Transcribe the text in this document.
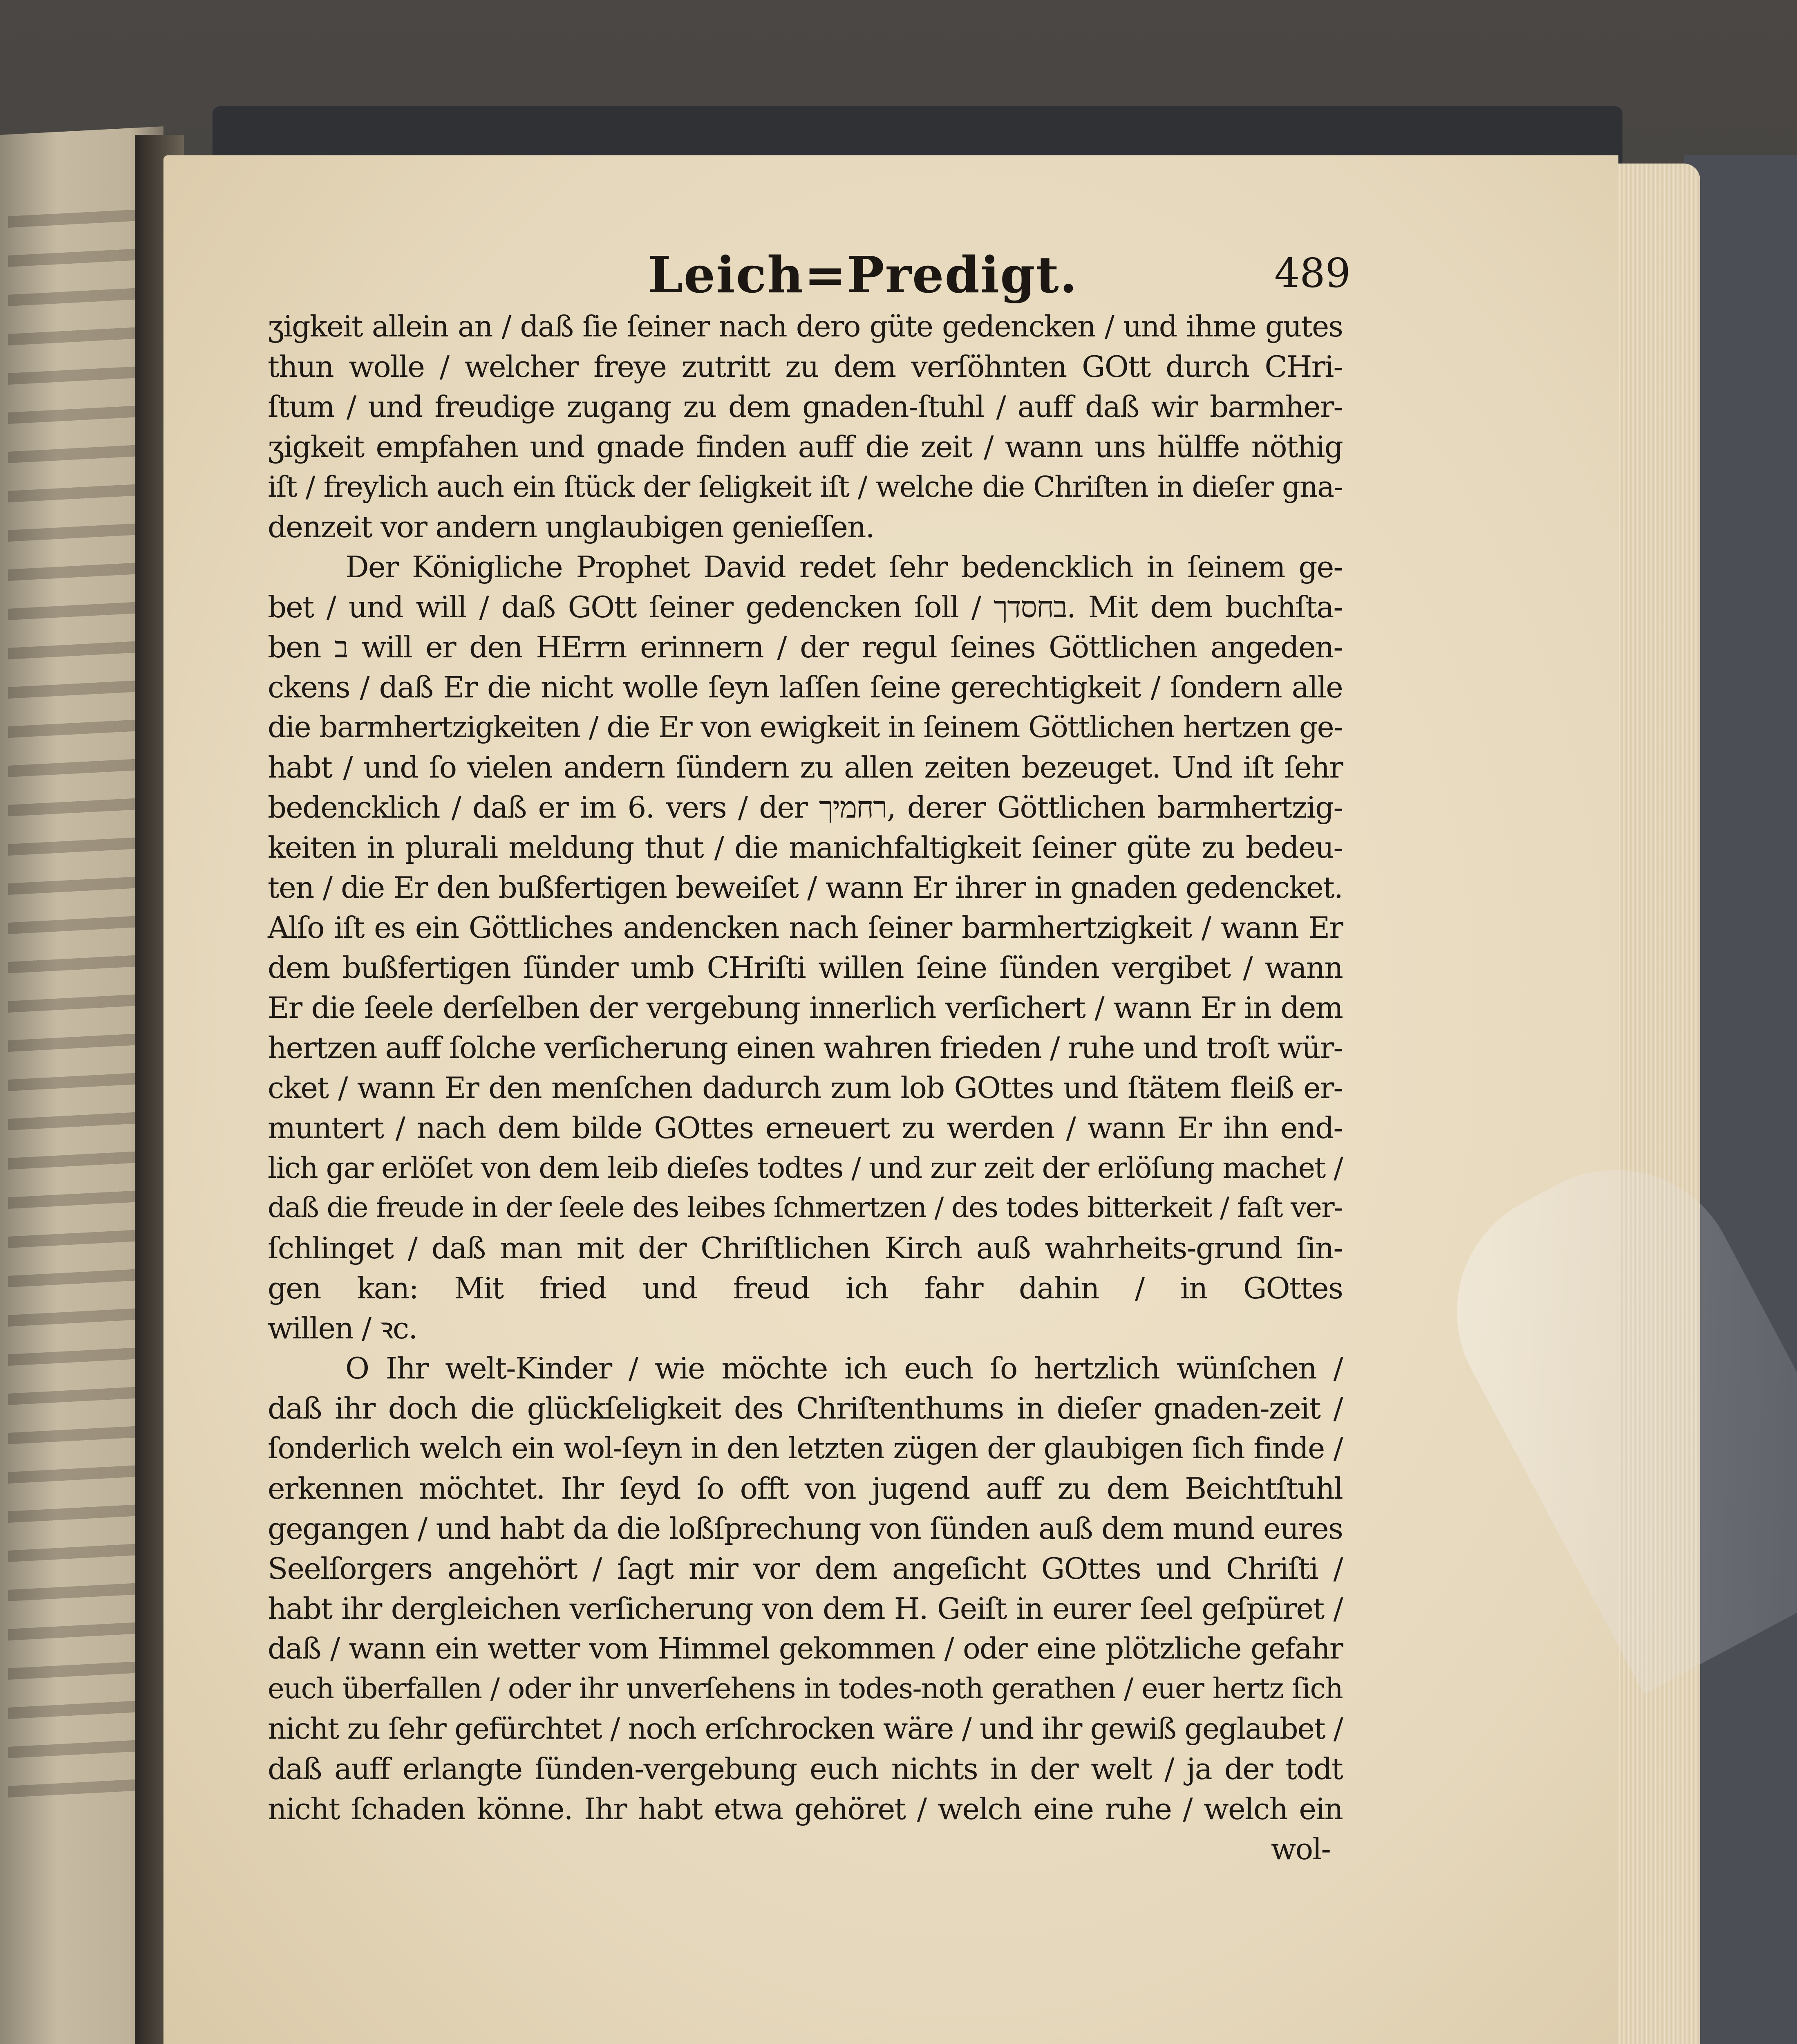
Leich=Predigt.	489
ʒigkeit allein an / daß ſie ſeiner nach dero güte gedencken / und ihme gutes
thun wolle / welcher freye zutritt zu dem verſöhnten GOtt durch CHri-
ſtum / und freudige zugang zu dem gnaden-ſtuhl / auff daß wir barmher-
ʒigkeit empfahen und gnade finden auff die zeit / wann uns hülffe nöthig
iſt / freylich auch ein ſtück der ſeligkeit iſt / welche die Chriſten in dieſer gna-
denzeit vor andern unglaubigen genieſſen.
Der Königliche Prophet David redet ſehr bedencklich in ſeinem ge-
bet / und will / daß GOtt ſeiner gedencken ſoll / בחסדך. Mit dem buchſta-
ben ב will er den HErrn erinnern / der regul ſeines Göttlichen angeden-
ckens / daß Er die nicht wolle ſeyn laſſen ſeine gerechtigkeit / ſondern alle
die barmhertzigkeiten / die Er von ewigkeit in ſeinem Göttlichen hertzen ge-
habt / und ſo vielen andern ſündern zu allen zeiten bezeuget. Und iſt ſehr
bedencklich / daß er im 6. vers / der רחמיך, derer Göttlichen barmhertzig-
keiten in plurali meldung thut / die manichfaltigkeit ſeiner güte zu bedeu-
ten / die Er den bußfertigen beweiſet / wann Er ihrer in gnaden gedencket.
Alſo iſt es ein Göttliches andencken nach ſeiner barmhertzigkeit / wann Er
dem bußfertigen ſünder umb CHriſti willen ſeine ſünden vergibet / wann
Er die ſeele derſelben der vergebung innerlich verſichert / wann Er in dem
hertzen auff ſolche verſicherung einen wahren frieden / ruhe und troſt wür-
cket / wann Er den menſchen dadurch zum lob GOttes und ſtätem fleiß er-
muntert / nach dem bilde GOttes erneuert zu werden / wann Er ihn end-
lich gar erlöſet von dem leib dieſes todtes / und zur zeit der erlöſung machet /
daß die freude in der ſeele des leibes ſchmertzen / des todes bitterkeit / faſt ver-
ſchlinget / daß man mit der Chriſtlichen Kirch auß wahrheits-grund ſin-
gen kan: Mit fried und freud ich fahr dahin / in GOttes
willen / ꝛc.
O Ihr welt-Kinder / wie möchte ich euch ſo hertzlich wünſchen /
daß ihr doch die glückſeligkeit des Chriſtenthums in dieſer gnaden-zeit /
ſonderlich welch ein wol-ſeyn in den letzten zügen der glaubigen ſich finde /
erkennen möchtet. Ihr ſeyd ſo offt von jugend auff zu dem Beichtſtuhl
gegangen / und habt da die loßſprechung von ſünden auß dem mund eures
Seelſorgers angehört / ſagt mir vor dem angeſicht GOttes und Chriſti /
habt ihr dergleichen verſicherung von dem H. Geiſt in eurer ſeel geſpüret /
daß / wann ein wetter vom Himmel gekommen / oder eine plötzliche gefahr
euch überfallen / oder ihr unverſehens in todes-noth gerathen / euer hertz ſich
nicht zu ſehr gefürchtet / noch erſchrocken wäre / und ihr gewiß geglaubet /
daß auff erlangte ſünden-vergebung euch nichts in der welt / ja der todt
nicht ſchaden könne. Ihr habt etwa gehöret / welch eine ruhe / welch ein
wol-
